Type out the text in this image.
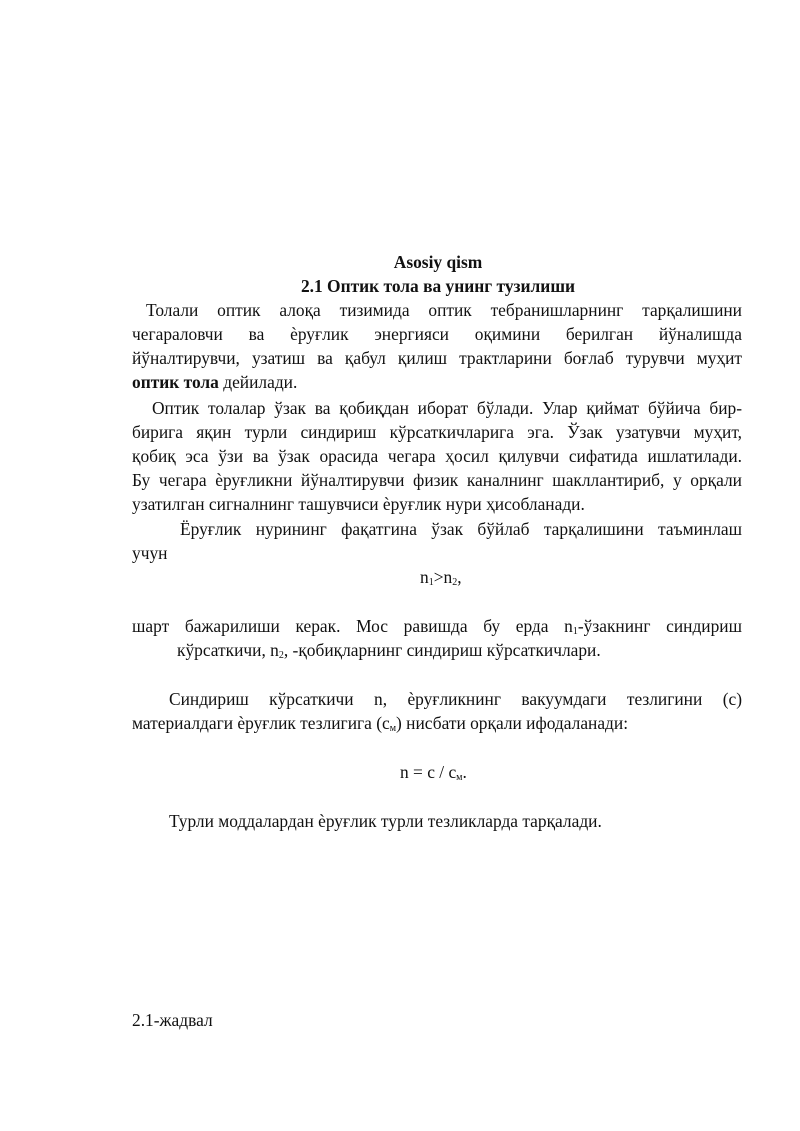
Asosiy qism
2.1 Оптик тола ва унинг тузилиши
Толали оптик алоқа тизимида оптик тебранишларнинг тарқалишини
чегараловчи ва ѐруғлик энергияси оқимини берилган йўналишда
йўналтирувчи, узатиш ва қабул қилиш трактларини боғлаб турувчи муҳит
оптик тола дейилади.
Оптик толалар ўзак ва қобиқдан иборат бўлади. Улар қиймат бўйича бир-
бирига яқин турли синдириш кўрсаткичларига эга. Ўзак узатувчи муҳит,
қобиқ эса ўзи ва ўзак орасида чегара ҳосил қилувчи сифатида ишлатилади.
Бу чегара ѐруғликни йўналтирувчи физик каналнинг шакллантириб, у орқали
узатилган сигналнинг ташувчиси ѐруғлик нури ҳисобланади.
Ёруғлик нурининг фақатгина ўзак бўйлаб тарқалишини таъминлаш
учун
$n_1>n_2$,
шарт бажарилиши керак. Мос равишда бу ерда $n_1$-ўзакнинг синдириш
кўрсаткичи, $n_2$, -қобиқларнинг синдириш кўрсаткичлари.
Синдириш кўрсаткичи n, ѐруғликнинг вакуумдаги тезлигини (с)
материалдаги ѐруғлик тезлигига $(с_м)$ нисбати орқали ифодаланади:
$n = c / c_м$.
Турли моддалардан ѐруғлик турли тезликларда тарқалади.
2.1-жадвал
